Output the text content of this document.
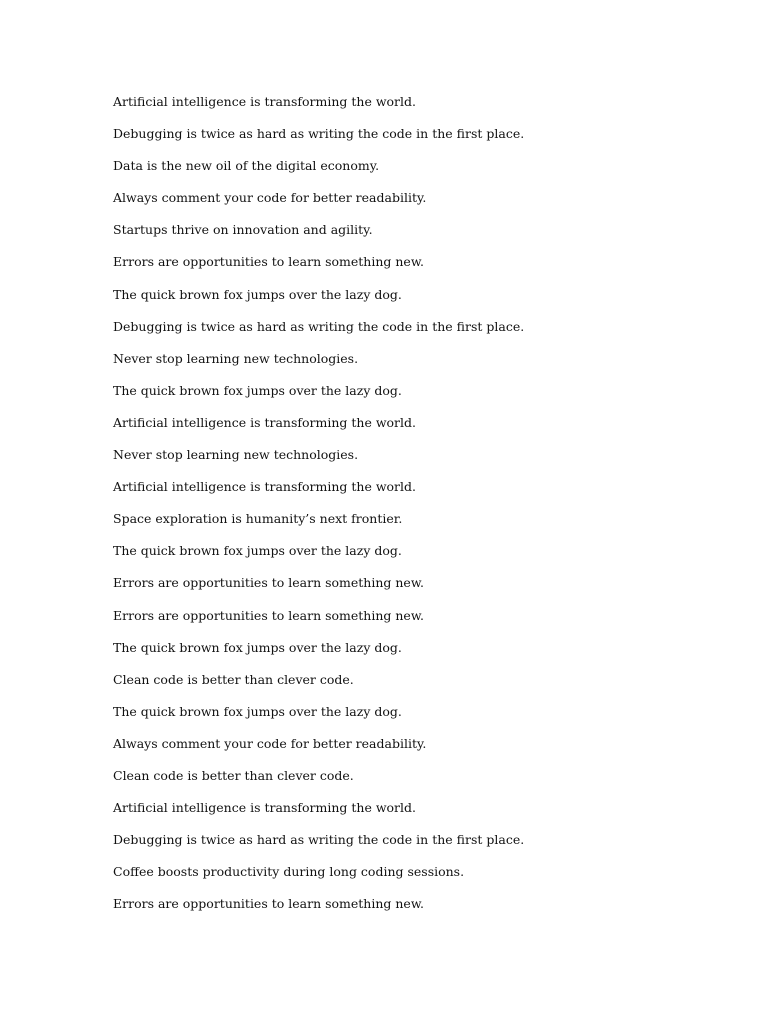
Artificial intelligence is transforming the world.
Debugging is twice as hard as writing the code in the first place.
Data is the new oil of the digital economy.
Always comment your code for better readability.
Startups thrive on innovation and agility.
Errors are opportunities to learn something new.
The quick brown fox jumps over the lazy dog.
Debugging is twice as hard as writing the code in the first place.
Never stop learning new technologies.
The quick brown fox jumps over the lazy dog.
Artificial intelligence is transforming the world.
Never stop learning new technologies.
Artificial intelligence is transforming the world.
Space exploration is humanity’s next frontier.
The quick brown fox jumps over the lazy dog.
Errors are opportunities to learn something new.
Errors are opportunities to learn something new.
The quick brown fox jumps over the lazy dog.
Clean code is better than clever code.
The quick brown fox jumps over the lazy dog.
Always comment your code for better readability.
Clean code is better than clever code.
Artificial intelligence is transforming the world.
Debugging is twice as hard as writing the code in the first place.
Coffee boosts productivity during long coding sessions.
Errors are opportunities to learn something new.
